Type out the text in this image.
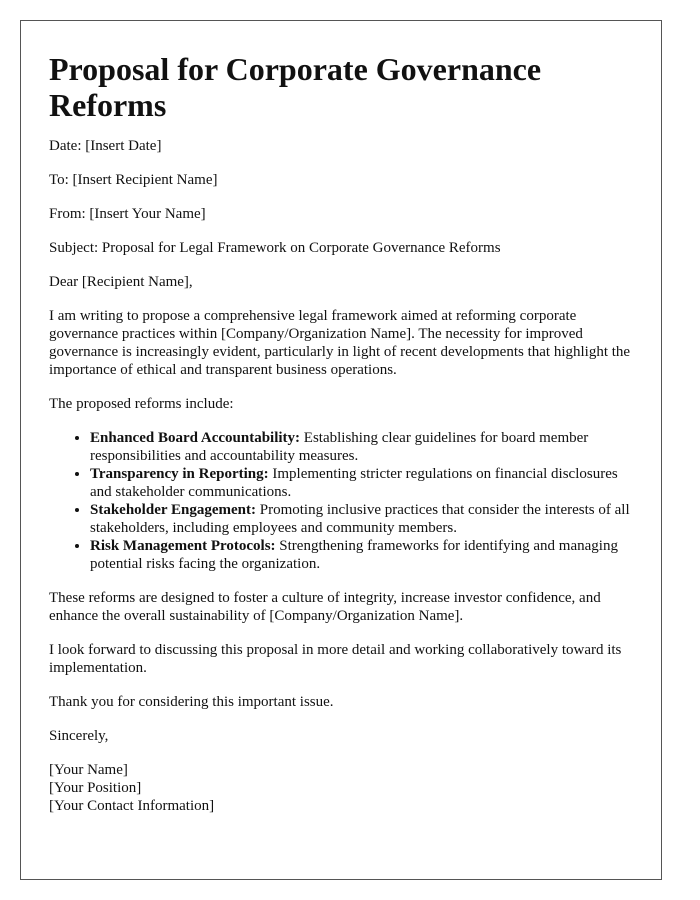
Proposal for Corporate Governance Reforms

Date: [Insert Date]

To: [Insert Recipient Name]

From: [Insert Your Name]

Subject: Proposal for Legal Framework on Corporate Governance Reforms

Dear [Recipient Name],

I am writing to propose a comprehensive legal framework aimed at reforming corporate governance practices within [Company/Organization Name]. The necessity for improved governance is increasingly evident, particularly in light of recent developments that highlight the importance of ethical and transparent business operations.

The proposed reforms include:

• Enhanced Board Accountability: Establishing clear guidelines for board member responsibilities and accountability measures.
• Transparency in Reporting: Implementing stricter regulations on financial disclosures and stakeholder communications.
• Stakeholder Engagement: Promoting inclusive practices that consider the interests of all stakeholders, including employees and community members.
• Risk Management Protocols: Strengthening frameworks for identifying and managing potential risks facing the organization.

These reforms are designed to foster a culture of integrity, increase investor confidence, and enhance the overall sustainability of [Company/Organization Name].

I look forward to discussing this proposal in more detail and working collaboratively toward its implementation.

Thank you for considering this important issue.

Sincerely,

[Your Name]

[Your Position]

[Your Contact Information]
